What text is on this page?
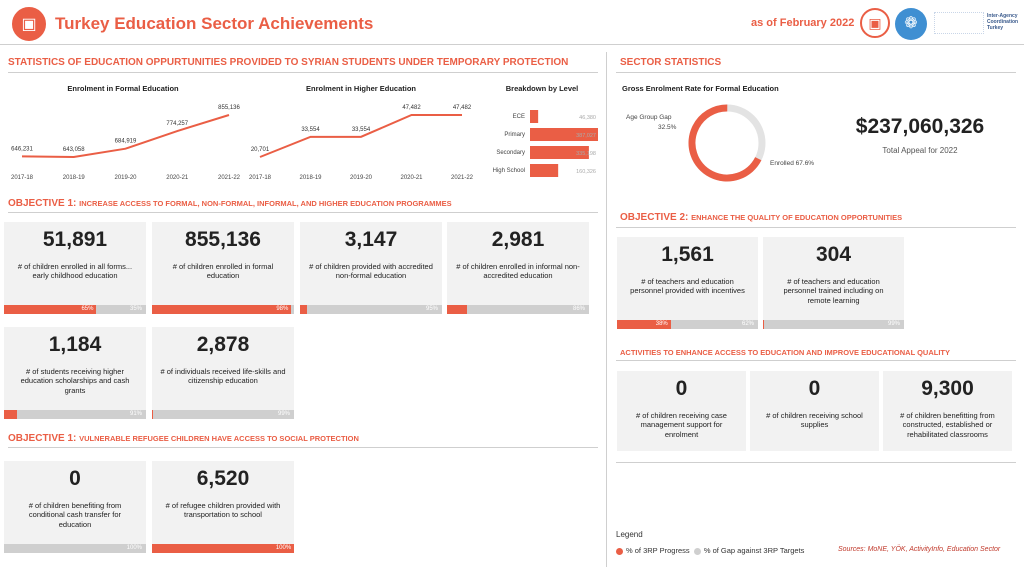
▣	Turkey Education Sector Achievements	as of February 2022	▣	❁	Inter-Agency Coordination Turkey
STATISTICS OF EDUCATION OPPURTUNITIES PROVIDED TO SYRIAN STUDENTS UNDER TEMPORARY PROTECTION	SECTOR STATISTICS
Enrolment in Formal Education
646,231
2017-18
643,058
2018-19
684,919
2019-20
774,257
2020-21
855,136
2021-22
Enrolment in Higher Education
20,701
2017-18
33,554
2018-19
33,554
2019-20
47,482
2020-21
47,482
2021-22
Breakdown by Level
ECE	46,380
Primary	387,027
Secondary	335,198
High School	160,326
Gross Enrolment Rate for Formal Education
Enrolled 67.6%
Age Group Gap
32.5%	$237,060,326
Total Appeal for 2022
OBJECTIVE 1: INCREASE ACCESS TO FORMAL, NON-FORMAL, INFORMAL, AND HIGHER EDUCATION PROGRAMMES
51,891
# of children enrolled in all forms... early childhood education
65%	35%
855,136
# of children enrolled in formal education
98%
3,147
# of children provided with accredited non-formal education
95%
2,981
# of children enrolled in informal non-accredited education
86%
1,184
# of students receiving higher education scholarships and cash grants
91%
2,878
# of individuals received life-skills and citizenship education
99%
OBJECTIVE 1: VULNERABLE REFUGEE CHILDREN HAVE ACCESS TO SOCIAL PROTECTION
0
# of children benefiting from conditional cash transfer for education
100%
6,520
# of refugee children provided with transportation to school
100%
OBJECTIVE 2: ENHANCE THE QUALITY OF EDUCATION OPPORTUNITIES
1,561
# of teachers and education personnel provided with incentives
38%	62%
304
# of teachers and education personnel trained including on remote learning
99%
ACTIVITIES TO ENHANCE ACCESS TO EDUCATION AND IMPROVE EDUCATIONAL QUALITY
0
# of children receiving case management support for enrolment
0
# of children receiving school supplies
9,300
# of children benefitting from constructed, established or rehabilitated classrooms
Legend
% of 3RP Progress % of Gap against 3RP Targets	Sources: MoNE, YÖK, ActivityInfo, Education Sector
